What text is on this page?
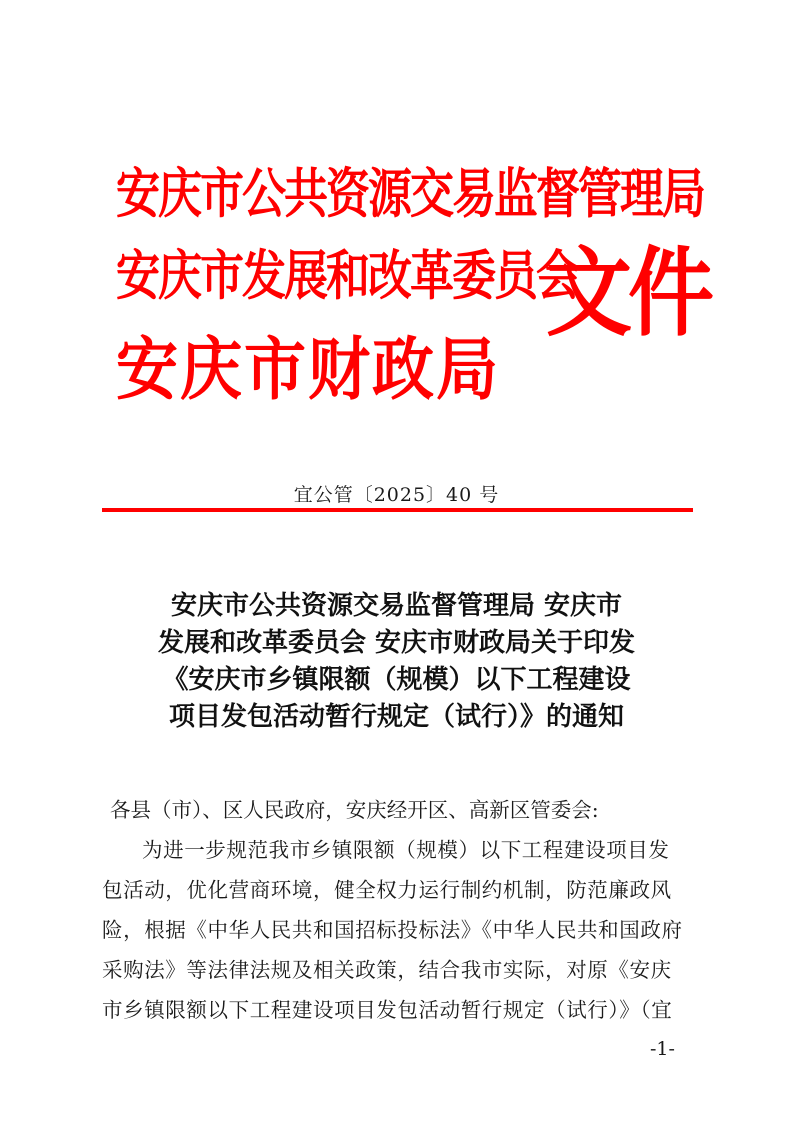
安庆市公共资源交易监督管理局
安庆市发展和改革委员会
安庆市财政局
文件
宜公管〔2025〕40 号
安庆市公共资源交易监督管理局 安庆市
发展和改革委员会 安庆市财政局关于印发
《安庆市乡镇限额（规模）以下工程建设
项目发包活动暂行规定（试行）》的通知
各县（市）、区人民政府，安庆经开区、高新区管委会:
为进一步规范我市乡镇限额（规模）以下工程建设项目发
包活动，优化营商环境，健全权力运行制约机制，防范廉政风
险，根据《中华人民共和国招标投标法》《中华人民共和国政府
采购法》等法律法规及相关政策，结合我市实际，对原《安庆
市乡镇限额以下工程建设项目发包活动暂行规定（试行）》（宜
-1-
